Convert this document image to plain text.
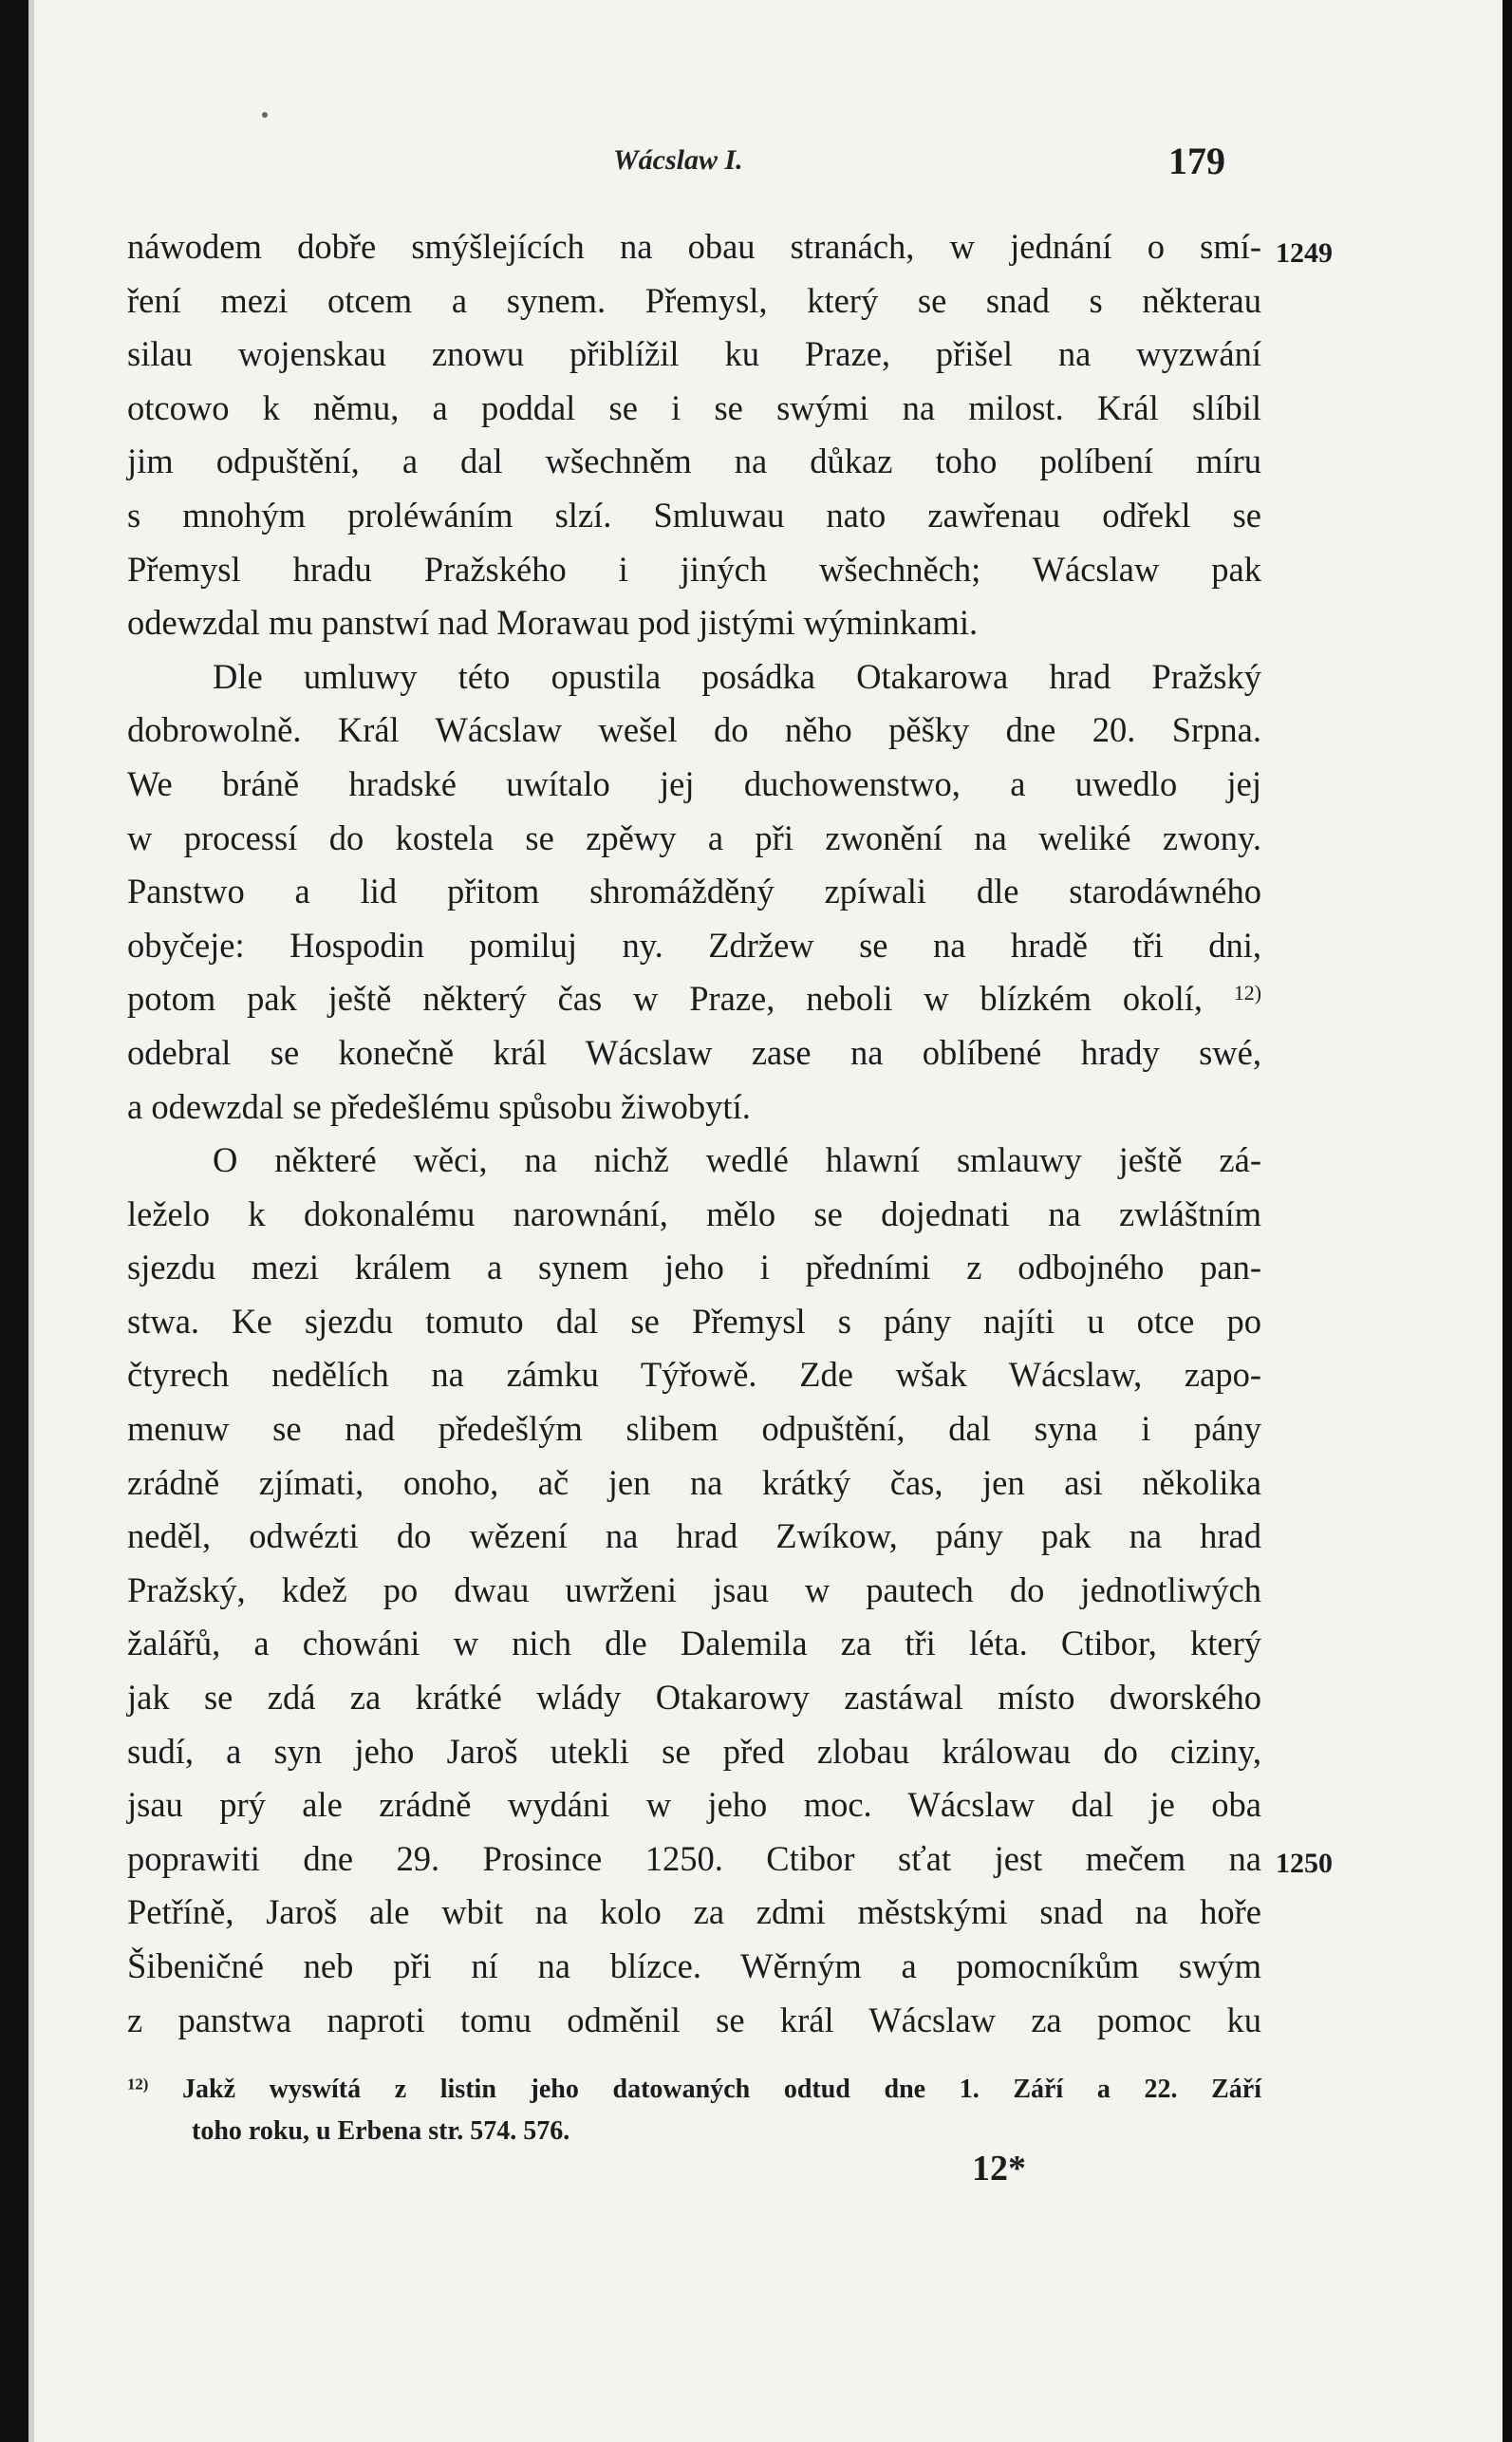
Wácslaw I.	179
1249
1250
náwodem dobře smýšlejících na obau stranách, w jednání o smí-
ření mezi otcem a synem. Přemysl, který se snad s některau
silau wojenskau znowu přiblížil ku Praze, přišel na wyzwání
otcowo k němu, a poddal se i se swými na milost. Král slíbil
jim odpuštění, a dal wšechněm na důkaz toho políbení míru
s mnohým proléwáním slzí. Smluwau nato zawřenau odřekl se
Přemysl hradu Pražského i jiných wšechněch; Wácslaw pak
odewzdal mu panstwí nad Morawau pod jistými wýminkami.
Dle umluwy této opustila posádka Otakarowa hrad Pražský
dobrowolně. Král Wácslaw wešel do něho pěšky dne 20. Srpna.
We bráně hradské uwítalo jej duchowenstwo, a uwedlo jej
w processí do kostela se zpěwy a při zwonění na weliké zwony.
Panstwo a lid přitom shromážděný zpíwali dle starodáwného
obyčeje: Hospodin pomiluj ny. Zdržew se na hradě tři dni,
potom pak ještě některý čas w Praze, neboli w blízkém okolí, $^{12)}$
odebral se konečně král Wácslaw zase na oblíbené hrady swé,
a odewzdal se předešlému spůsobu žiwobytí.
O některé wěci, na nichž wedlé hlawní smlauwy ještě zá-
leželo k dokonalému narownání, mělo se dojednati na zwláštním
sjezdu mezi králem a synem jeho i předními z odbojného pan-
stwa. Ke sjezdu tomuto dal se Přemysl s pány najíti u otce po
čtyrech nedělích na zámku Týřowě. Zde wšak Wácslaw, zapo-
menuw se nad předešlým slibem odpuštění, dal syna i pány
zrádně zjímati, onoho, ač jen na krátký čas, jen asi několika
neděl, odwézti do wězení na hrad Zwíkow, pány pak na hrad
Pražský, kdež po dwau uwrženi jsau w pautech do jednotliwých
žalářů, a chowáni w nich dle Dalemila za tři léta. Ctibor, který
jak se zdá za krátké wlády Otakarowy zastáwal místo dworského
sudí, a syn jeho Jaroš utekli se před zlobau králowau do ciziny,
jsau prý ale zrádně wydáni w jeho moc. Wácslaw dal je oba
poprawiti dne 29. Prosince 1250. Ctibor sťat jest mečem na
Petříně, Jaroš ale wbit na kolo za zdmi městskými snad na hoře
Šibeničné neb při ní na blízce. Wěrným a pomocníkům swým
z panstwa naproti tomu odměnil se král Wácslaw za pomoc ku
$^{12)}$ Jakž wyswítá z listin jeho datowaných odtud dne 1. Září a 22. Září
toho roku, u Erbena str. 574. 576.
12*
